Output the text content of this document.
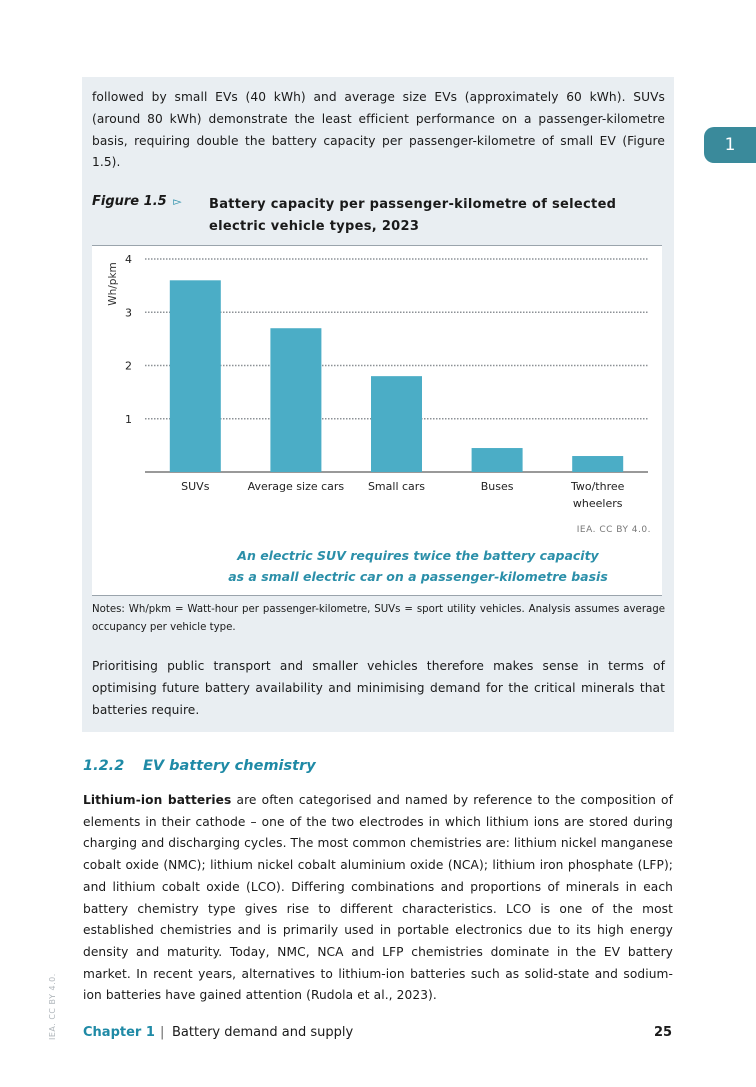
followed by small EVs (40 kWh) and average size EVs (approximately 60 kWh). SUVs (around 80 kWh) demonstrate the least efficient performance on a passenger-kilometre basis, requiring double the battery capacity per passenger-kilometre of small EV (Figure 1.5).
Figure 1.5 ▻ Battery capacity per passenger-kilometre of selected electric vehicle types, 2023
1
2
3
4
SUVs	Average size cars Small cars	Buses	Two/three
wheelers
Wh/pkm
IEA. CC BY 4.0.
An electric SUV requires twice the battery capacity
as a small electric car on a passenger-kilometre basis
Notes: Wh/pkm = Watt-hour per passenger-kilometre, SUVs = sport utility vehicles. Analysis assumes average occupancy per vehicle type.
Prioritising public transport and smaller vehicles therefore makes sense in terms of optimising future battery availability and minimising demand for the critical minerals that batteries require.
1
1.2.2 EV battery chemistry
Lithium-ion batteries are often categorised and named by reference to the composition of elements in their cathode – one of the two electrodes in which lithium ions are stored during charging and discharging cycles. The most common chemistries are: lithium nickel manganese cobalt oxide (NMC); lithium nickel cobalt aluminium oxide (NCA); lithium iron phosphate (LFP); and lithium cobalt oxide (LCO). Differing combinations and proportions of minerals in each battery chemistry type gives rise to different characteristics. LCO is one of the most established chemistries and is primarily used in portable electronics due to its high energy density and maturity. Today, NMC, NCA and LFP chemistries dominate in the EV battery market. In recent years, alternatives to lithium-ion batteries such as solid-state and sodium-ion batteries have gained attention (Rudola et al., 2023).
IEA. CC BY 4.0. Chapter 1 | Battery demand and supply	25
